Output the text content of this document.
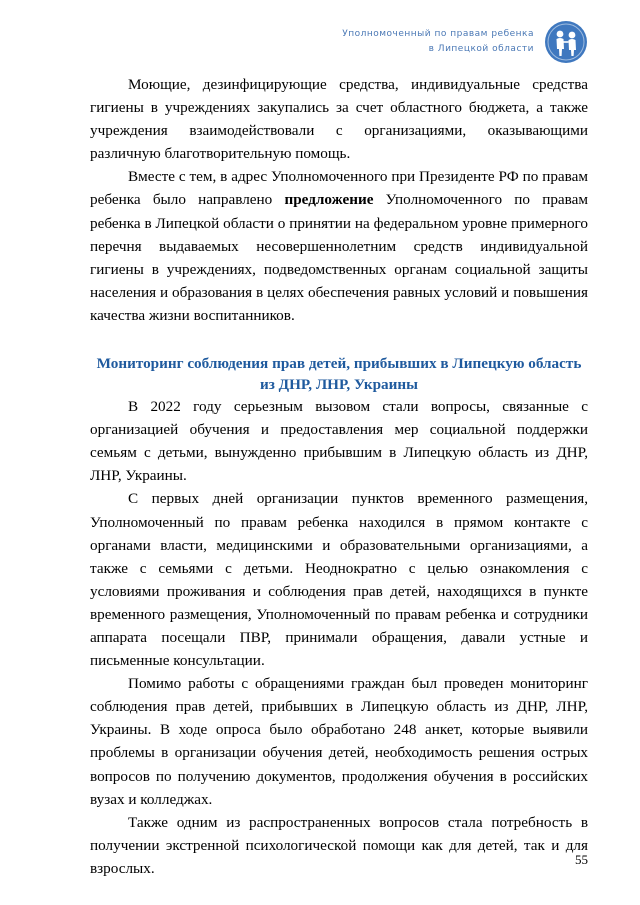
Уполномоченный по правам ребенка
в Липецкой области

Моющие, дезинфицирующие средства, индивидуальные средства гигиены в учреждениях закупались за счет областного бюджета, а также учреждения взаимодействовали с организациями, оказывающими различную благотворительную помощь.

Вместе с тем, в адрес Уполномоченного при Президенте РФ по правам ребенка было направлено предложение Уполномоченного по правам ребенка в Липецкой области о принятии на федеральном уровне примерного перечня выдаваемых несовершеннолетним средств индивидуальной гигиены в учреждениях, подведомственных органам социальной защиты населения и образования в целях обеспечения равных условий и повышения качества жизни воспитанников.

Мониторинг соблюдения прав детей, прибывших в Липецкую область
из ДНР, ЛНР, Украины

В 2022 году серьезным вызовом стали вопросы, связанные с организацией обучения и предоставления мер социальной поддержки семьям с детьми, вынужденно прибывшим в Липецкую область из ДНР, ЛНР, Украины.

С первых дней организации пунктов временного размещения, Уполномоченный по правам ребенка находился в прямом контакте с органами власти, медицинскими и образовательными организациями, а также с семьями с детьми. Неоднократно с целью ознакомления с условиями проживания и соблюдения прав детей, находящихся в пункте временного размещения, Уполномоченный по правам ребенка и сотрудники аппарата посещали ПВР, принимали обращения, давали устные и письменные консультации.

Помимо работы с обращениями граждан был проведен мониторинг соблюдения прав детей, прибывших в Липецкую область из ДНР, ЛНР, Украины. В ходе опроса было обработано 248 анкет, которые выявили проблемы в организации обучения детей, необходимость решения острых вопросов по получению документов, продолжения обучения в российских вузах и колледжах.

Также одним из распространенных вопросов стала потребность в получении экстренной психологической помощи как для детей, так и для взрослых.

55
